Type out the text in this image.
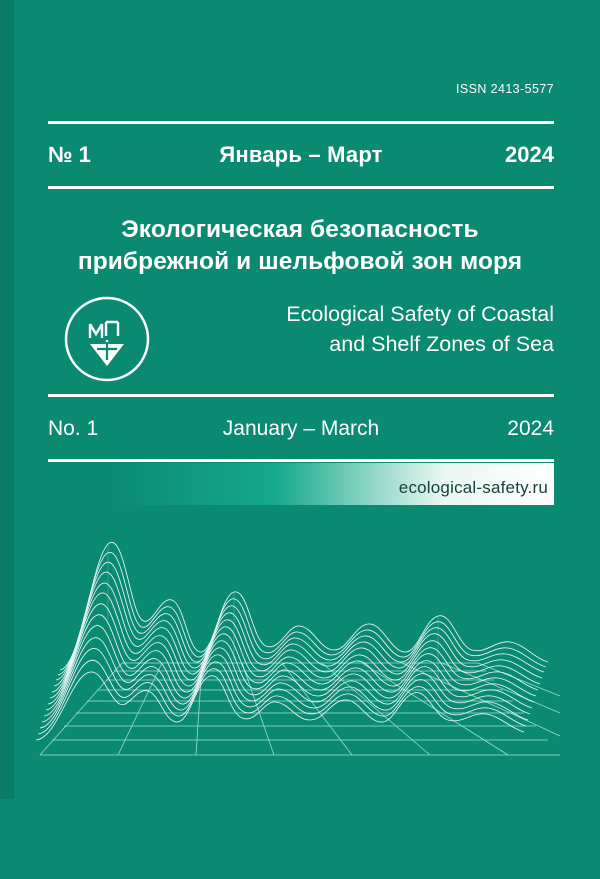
ISSN 2413-5577
№ 1	Январь – Март	2024
Экологическая безопасность
прибрежной и шельфовой зон моря
Ecological Safety of Coastal
and Shelf Zones of Sea
No. 1	January – March	2024
ecological-safety.ru
